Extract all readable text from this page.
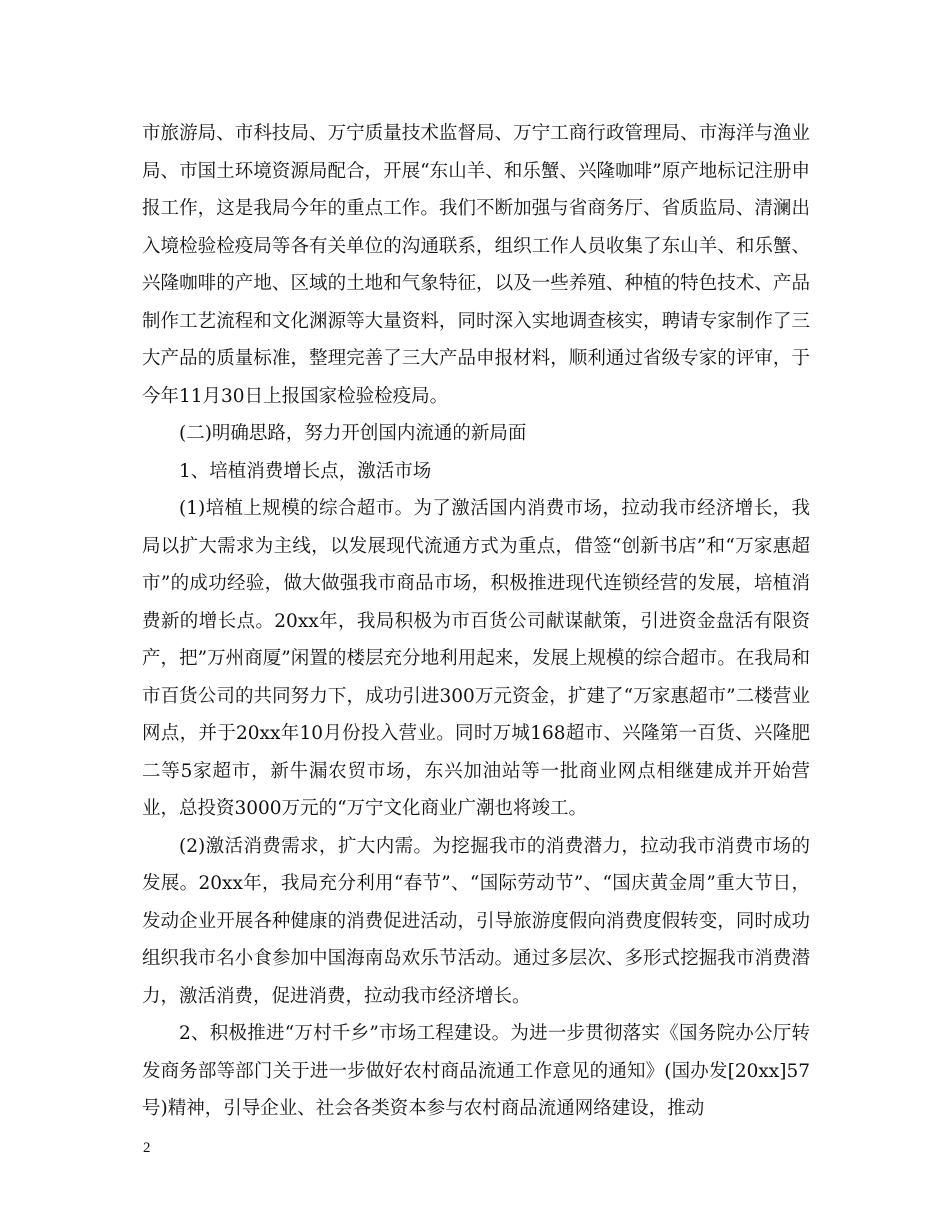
市旅游局、市科技局、万宁质量技术监督局、万宁工商行政管理局、市海洋与渔业局、市国土环境资源局配合，开展“东山羊、和乐蟹、兴隆咖啡”原产地标记注册申报工作，这是我局今年的重点工作。我们不断加强与省商务厅、省质监局、清澜出入境检验检疫局等各有关单位的沟通联系，组织工作人员收集了东山羊、和乐蟹、兴隆咖啡的产地、区域的土地和气象特征，以及一些养殖、种植的特色技术、产品制作工艺流程和文化渊源等大量资料，同时深入实地调查核实，聘请专家制作了三大产品的质量标准，整理完善了三大产品申报材料，顺利通过省级专家的评审，于今年11月30日上报国家检验检疫局。

(二)明确思路，努力开创国内流通的新局面

1、培植消费增长点，激活市场

(1)培植上规模的综合超市。为了激活国内消费市场，拉动我市经济增长，我局以扩大需求为主线，以发展现代流通方式为重点，借签“创新书店”和“万家惠超市”的成功经验，做大做强我市商品市场，积极推进现代连锁经营的发展，培植消费新的增长点。20xx年，我局积极为市百货公司献谋献策，引进资金盘活有限资产，把”万州商厦”闲置的楼层充分地利用起来，发展上规模的综合超市。在我局和市百货公司的共同努力下，成功引进300万元资金，扩建了“万家惠超市”二楼营业网点，并于20xx年10月份投入营业。同时万城168超市、兴隆第一百货、兴隆肥二等5家超市，新牛漏农贸市场，东兴加油站等一批商业网点相继建成并开始营业，总投资3000万元的“万宁文化商业广潮也将竣工。

(2)激活消费需求，扩大内需。为挖掘我市的消费潜力，拉动我市消费市场的发展。20xx年，我局充分利用“春节”、“国际劳动节”、“国庆黄金周”重大节日，发动企业开展各种健康的消费促进活动，引导旅游度假向消费度假转变，同时成功组织我市名小食参加中国海南岛欢乐节活动。通过多层次、多形式挖掘我市消费潜力，激活消费，促进消费，拉动我市经济增长。

2、积极推进“万村千乡”市场工程建设。为进一步贯彻落实《国务院办公厅转发商务部等部门关于进一步做好农村商品流通工作意见的通知》(国办发[20xx]57号)精神，引导企业、社会各类资本参与农村商品流通网络建设，推动

2
